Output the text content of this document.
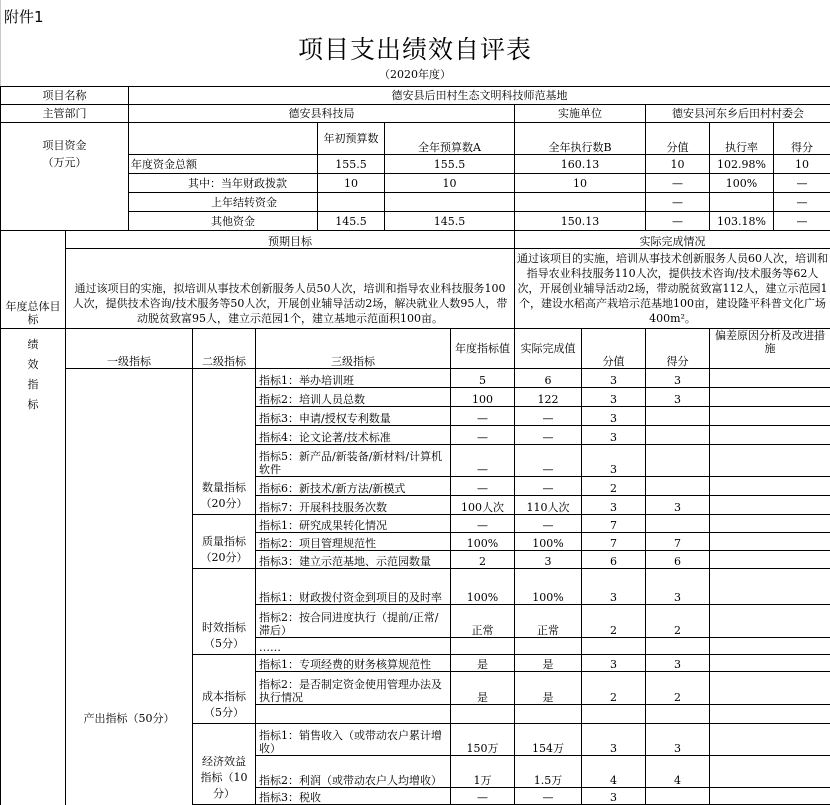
附件1
项目支出绩效自评表
（2020年度）
项目名称		德安县后田村生态文明科技师范基地										
主管部门		德安县科技局						实施单位		德安县河东乡后田村村委会		

项目资金
（万元）					年初预算数	全年预算数A		全年执行数B		分值	执行率	得分
		年度资金总额			155.5	155.5		160.13		10	102.98%	10
		其中：当年财政拨款			10	10		10		—	100%	—
		上年结转资金								—		—
		其他资金			145.5	145.5		150.13		—	103.18%	—
年度总体目标	预期目标							实际完成情况				
	通过该项目的实施，拟培训从事技术创新服务人员50人次，培训和指导农业科技服务100人次，提供技术咨询/技术服务等50人次，开展创业辅导活动2场，解决就业人数95人，带动脱贫致富95人，建立示范园1个，建立基地示范面积100亩。							通过该项目的实施，培训从事技术创新服务人员60人次，培训和指导农业科技服务110人次，提供技术咨询/技术服务等62人次，开展创业辅导活动2场，带动脱贫致富112人，建立示范园1个，建设水稻高产栽培示范基地100亩，建设隆平科普文化广场400m²。				

绩
效
指
标	一级指标		二级指标	三级指标			年度指标值	实际完成值	分值	得分	偏差原因分析及改进措施	
	产出指标（50分）		数量指标（20分）	指标1：举办培训班			5	6	3	3		
				指标2：培训人员总数			100	122	3	3		
				指标3：申请/授权专利数量			—	—	3			
				指标4：论文论著/技术标准			—	—	3			
				指标5：新产品/新装备/新材料/计算机软件			—	—	3			
				指标6：新技术/新方法/新模式			—	—	2			
				指标7：开展科技服务次数			100人次	110人次	3	3		
			质量指标（20分）	指标1：研究成果转化情况			—	—	7			
				指标2：项目管理规范性			100%	100%	7	7		
				指标3：建立示范基地、示范园数量			2	3	6	6		
			时效指标（5分）	指标1：财政拨付资金到项目的及时率			100%	100%	3	3		
				指标2：按合同进度执行（提前/正常/滞后）			正常	正常	2	2		
				……								
			成本指标（5分）	指标1：专项经费的财务核算规范性			是	是	3	3		
				指标2：是否制定资金使用管理办法及执行情况			是	是	2	2		

			经济效益指标（10分）	指标1：销售收入（或带动农户累计增收）			150万	154万	3	3		
				指标2：利润（或带动农户人均增收）			1万	1.5万	4	4		
				指标3：税收			—	—	3			
